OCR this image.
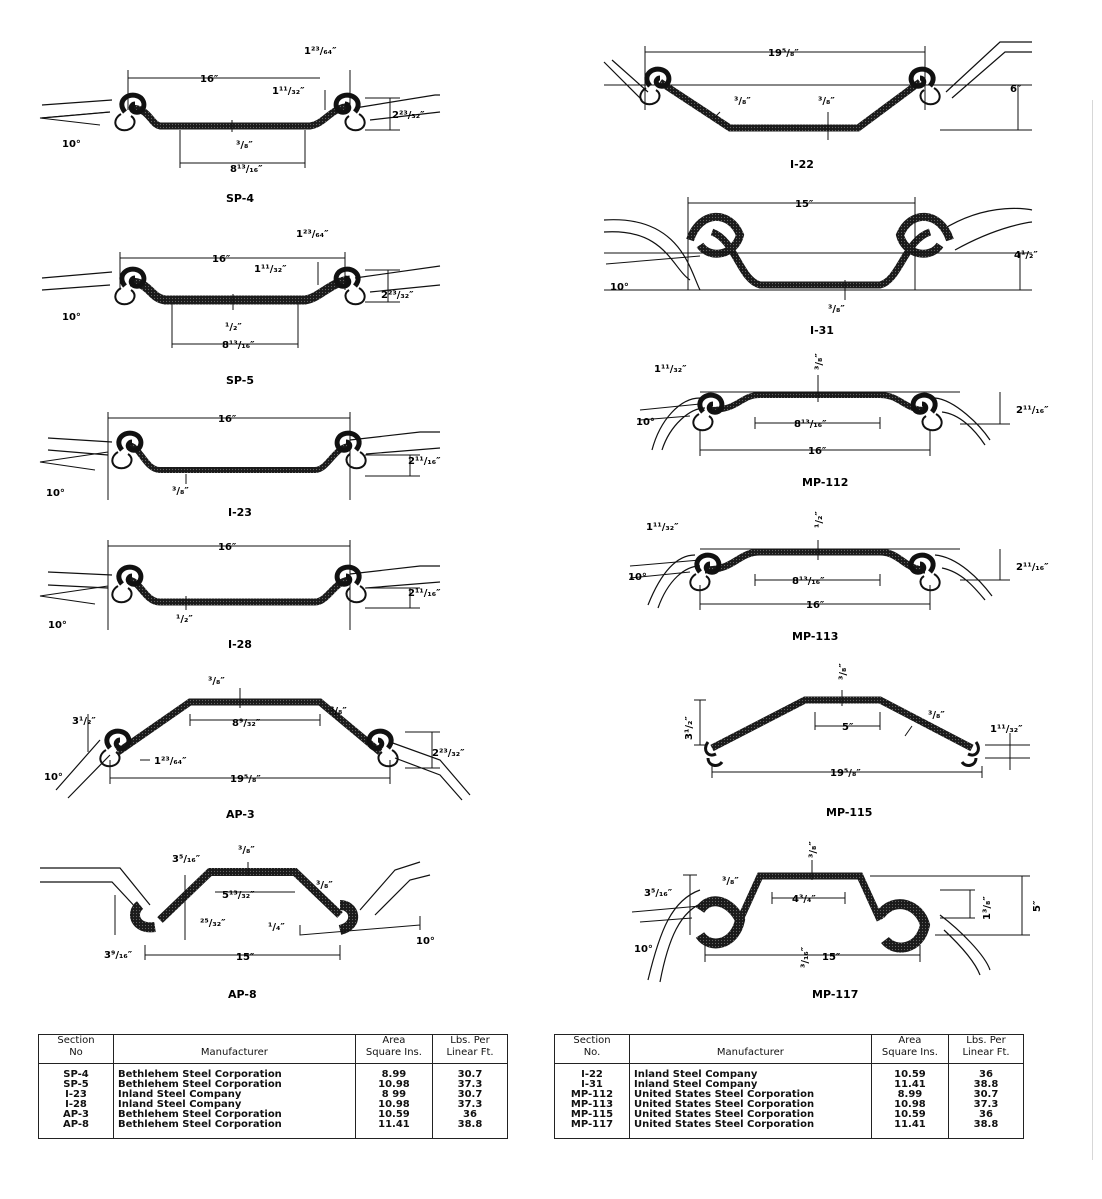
16″
1²³/₆₄″
1¹¹/₃₂″
2²³/₃₂″
³/₈″
8¹³/₁₆″
10°
SP-4
16″
1²³/₆₄″
1¹¹/₃₂″
2²³/₃₂″
¹/₂″
8¹³/₁₆″
10°
SP-5
16″
2¹¹/₁₆″
³/₈″
10°
I-23
16″
2¹¹/₁₆″
¹/₂″
10°
I-28
³/₈″
³/₈″
8⁹/₃₂″
3¹/₂″
1²³/₆₄″
2²³/₃₂″
19⁵/₈″
10°
AP-3
³/₈″
3⁵/₁₆″
5¹³/₃₂″
³/₈″
²⁵/₃₂″	¹/₄″
3⁹/₁₆″	15″
10°
AP-8
19⁵/₈″
³/₈″	³/₈″
6″
I-22
15″
4¹/₂″
³/₈″
10°
I-31
1¹¹/₃₂″	³/₈″
10°	8¹³/₁₆″
2¹¹/₁₆″
16″
MP-112
1¹¹/₃₂″	¹/₂″
10°	8¹³/₁₆″
2¹¹/₁₆″
16″
MP-113
³/₈″
³/₈″
3¹/₂″	5″	1¹¹/₃₂″
19⁵/₈″
MP-115
³/₈″
³/₈″
3⁵/₁₆″
4³/₄″	1³/₈″	5″
³/₁₆″ 15″
10°
MP-117
Section
No	Manufacturer	Area
Square Ins.	Lbs. Per
Linear Ft.
SP-4	Bethlehem Steel Corporation	8.99	30.7
SP-5	Bethlehem Steel Corporation	10.98	37.3
I-23	Inland Steel Company	8 99	30.7
I-28	Inland Steel Company	10.98	37.3
AP-3	Bethlehem Steel Corporation	10.59	36
AP-8	Bethlehem Steel Corporation	11.41	38.8
Section
No.	Manufacturer	Area
Square Ins.	Lbs. Per
Linear Ft.
I-22	Inland Steel Company	10.59	36
I-31	Inland Steel Company	11.41	38.8
MP-112	United States Steel Corporation	8.99	30.7
MP-113	United States Steel Corporation	10.98	37.3
MP-115	United States Steel Corporation	10.59	36
MP-117	United States Steel Corporation	11.41	38.8
